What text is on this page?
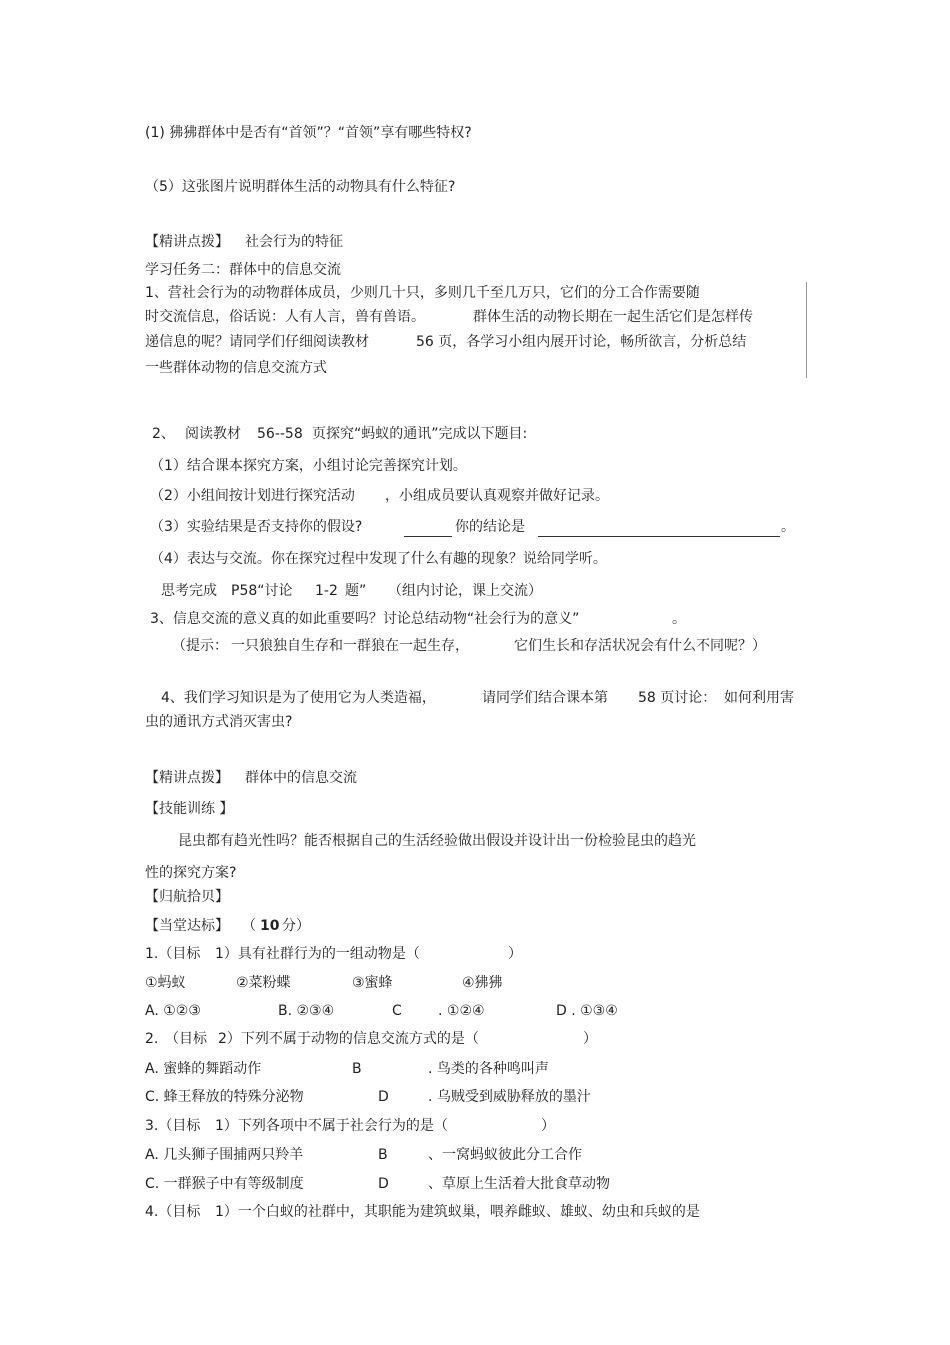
(1) 狒狒群体中是否有“首领”？“首领”享有哪些特权?
（5）这张图片说明群体生活的动物具有什么特征?
【精讲点拨】 社会行为的特征
学习任务二：群体中的信息交流
1、营社会行为的动物群体成员，少则几十只，多则几千至几万只，它们的分工合作需要随
时交流信息，俗话说：人有人言，兽有兽语。	群体生活的动物长期在一起生活它们是怎样传
递信息的呢？请同学们仔细阅读教材	56 页，各学习小组内展开讨论，畅所欲言，分析总结
一些群体动物的信息交流方式
2、 阅读教材 56--58 页探究“蚂蚁的通讯”完成以下题目:
（1）结合课本探究方案，小组讨论完善探究计划。
（2）小组间按计划进行探究活动 ，小组成员要认真观察并做好记录。
（3）实验结果是否支持你的假设?	你的结论是	。
（4）表达与交流。你在探究过程中发现了什么有趣的现象？说给同学听。
思考完成 P58“讨论 1-2 题” （组内讨论，课上交流）
3、信息交流的意义真的如此重要吗？讨论总结动物“社会行为的意义”	。
（提示： 一只狼独自生存和一群狼在一起生存，	它们生长和存活状况会有什么不同呢？）
4、我们学习知识是为了使用它为人类造福，	请同学们结合课本第 58 页讨论： 如何利用害
虫的通讯方式消灭害虫?
【精讲点拨】 群体中的信息交流
【技能训练 】
昆虫都有趋光性吗？能否根据自己的生活经验做出假设并设计出一份检验昆虫的趋光
性的探究方案?
【归航拾贝】
【当堂达标】 （ 10 分）
1.（目标 1）具有社群行为的一组动物是（	）
①蚂蚁	②菜粉蝶	③蜜蜂	④狒狒
A. ①②③	B. ②③④	C	. ①②④	D . ①③④
2. （目标 2）下列不属于动物的信息交流方式的是（	）
A. 蜜蜂的舞蹈动作	B	. 鸟类的各种鸣叫声
C. 蜂王释放的特殊分泌物	D	. 乌贼受到威胁释放的墨汁
3.（目标 1）下列各项中不属于社会行为的是（	）
A. 几头狮子围捕两只羚羊	B	、一窝蚂蚁彼此分工合作
C. 一群猴子中有等级制度	D	、草原上生活着大批食草动物
4.（目标 1）一个白蚁的社群中，其职能为建筑蚁巢，喂养雌蚁、雄蚁、幼虫和兵蚁的是
